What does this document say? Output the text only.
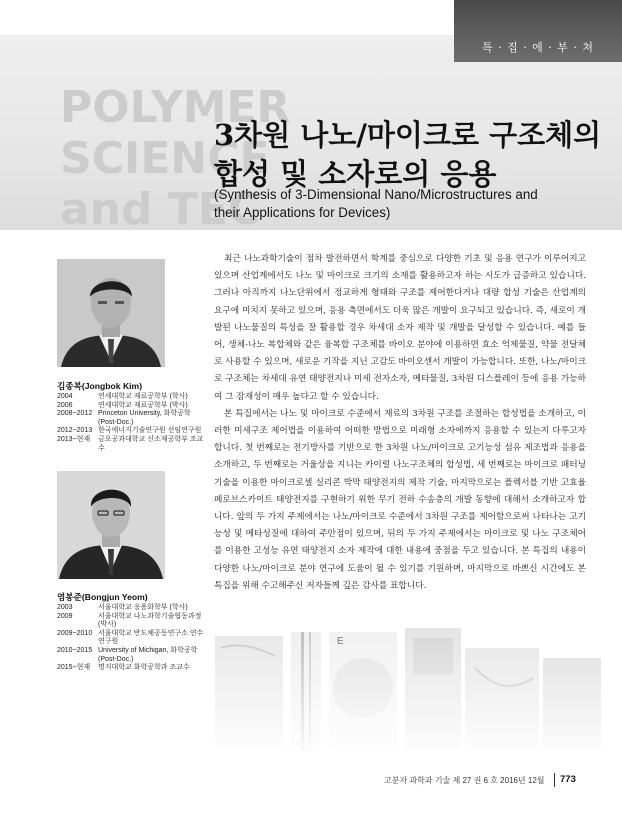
특 · 집 · 에 · 부 · 쳐
POLYMER
SCIENCE
and TEC
3차원 나노/마이크로 구조체의
합성 및 소자로의 응용
(Synthesis of 3-Dimensional Nano/Microstructures and
their Applications for Devices)
김종복(Jongbok Kim)
2004	연세대학교 재료공학부 (학사)
2006	연세대학교 재료공학부 (박사)
2008~2012 Princeton University, 화학공학 (Post-Doc.)
2012~2013 한국에너지기술연구원 선임연구원
2013~현재	금오공과대학교 신소재공학부 조교수
염봉준(Bongjun Yeom)
2003	서울대학교 응용화학부 (학사)
2009	서울대학교 나노과학기술협동과정 (박사)
2009~2010 서울대학교 반도체공동연구소 연수연구원
2010~2015 University of Michigan, 화학공학 (Post-Doc.)
2015~현재	명지대학교 화학공학과 조교수

최근 나노과학기술이 점차 발전하면서 학계를 중심으로 다양한 기초 및 응용 연구가 이루어지고 있으며 산업계에서도 나노 및 마이크로 크기의 소재를 활용하고자 하는 시도가 급증하고 있습니다. 그러나 아직까지 나노단위에서 정교하게 형태와 구조를 제어한다거나 대량 합성 기술은 산업계의 요구에 미치지 못하고 있으며, 응용 측면에서도 더욱 많은 개발이 요구되고 있습니다. 즉, 새로이 개발된 나노물질의 특성을 잘 활용할 경우 차세대 소자 제작 및 개발을 달성할 수 있습니다. 예를 들어, 생체-나노 복합체와 같은 융복합 구조체를 바이오 분야에 이용하면 효소 억제물질, 약물 전달체로 사용할 수 있으며, 새로운 기작을 지닌 고감도 바이오센서 개발이 가능합니다. 또한, 나노/마이크로 구조체는 차세대 유연 태양전지나 미세 전자소자, 메타물질, 3차원 디스플레이 등에 응용 가능하여 그 잠재성이 매우 높다고 할 수 있습니다.

본 특집에서는 나노 및 마이크로 수준에서 재료의 3차원 구조를 조절하는 합성법을 소개하고, 이러한 미세구조 제어법을 이용하여 어떠한 방법으로 미래형 소자에까지 응용할 수 있는지 다루고자 합니다. 첫 번째로는 전기방사를 기반으로 한 3차원 나노/마이크로 고기능성 섬유 제조법과 응용을 소개하고, 두 번째로는 거울상을 지니는 카이럴 나노구조체의 합성법, 세 번째로는 마이크로 패터닝 기술을 이용한 마이크로셀 실리콘 박막 태양전지의 제작 기술, 마지막으로는 플렉서블 기반 고효율 페로브스카이트 태양전지를 구현하기 위한 무기 전하 수송층의 개발 동향에 대해서 소개하고자 합니다. 앞의 두 가지 주제에서는 나노/마이크로 수준에서 3차원 구조를 제어함으로써 나타나는 고기능성 및 메타성질에 대하여 주안점이 있으며, 뒤의 두 가지 주제에서는 마이크로 및 나노 구조체어를 이용한 고성능 유연 태양전지 소자 제작에 대한 내용에 중점을 두고 있습니다. 본 특집의 내용이 다양한 나노/마이크로 분야 연구에 도움이 될 수 있기를 기원하며, 마지막으로 바쁘신 시간에도 본 특집을 위해 수고해주신 저자들께 깊은 감사를 표합니다.

E
고분자 과학과 기술 제 27 권 6 호 2016년 12월 773
